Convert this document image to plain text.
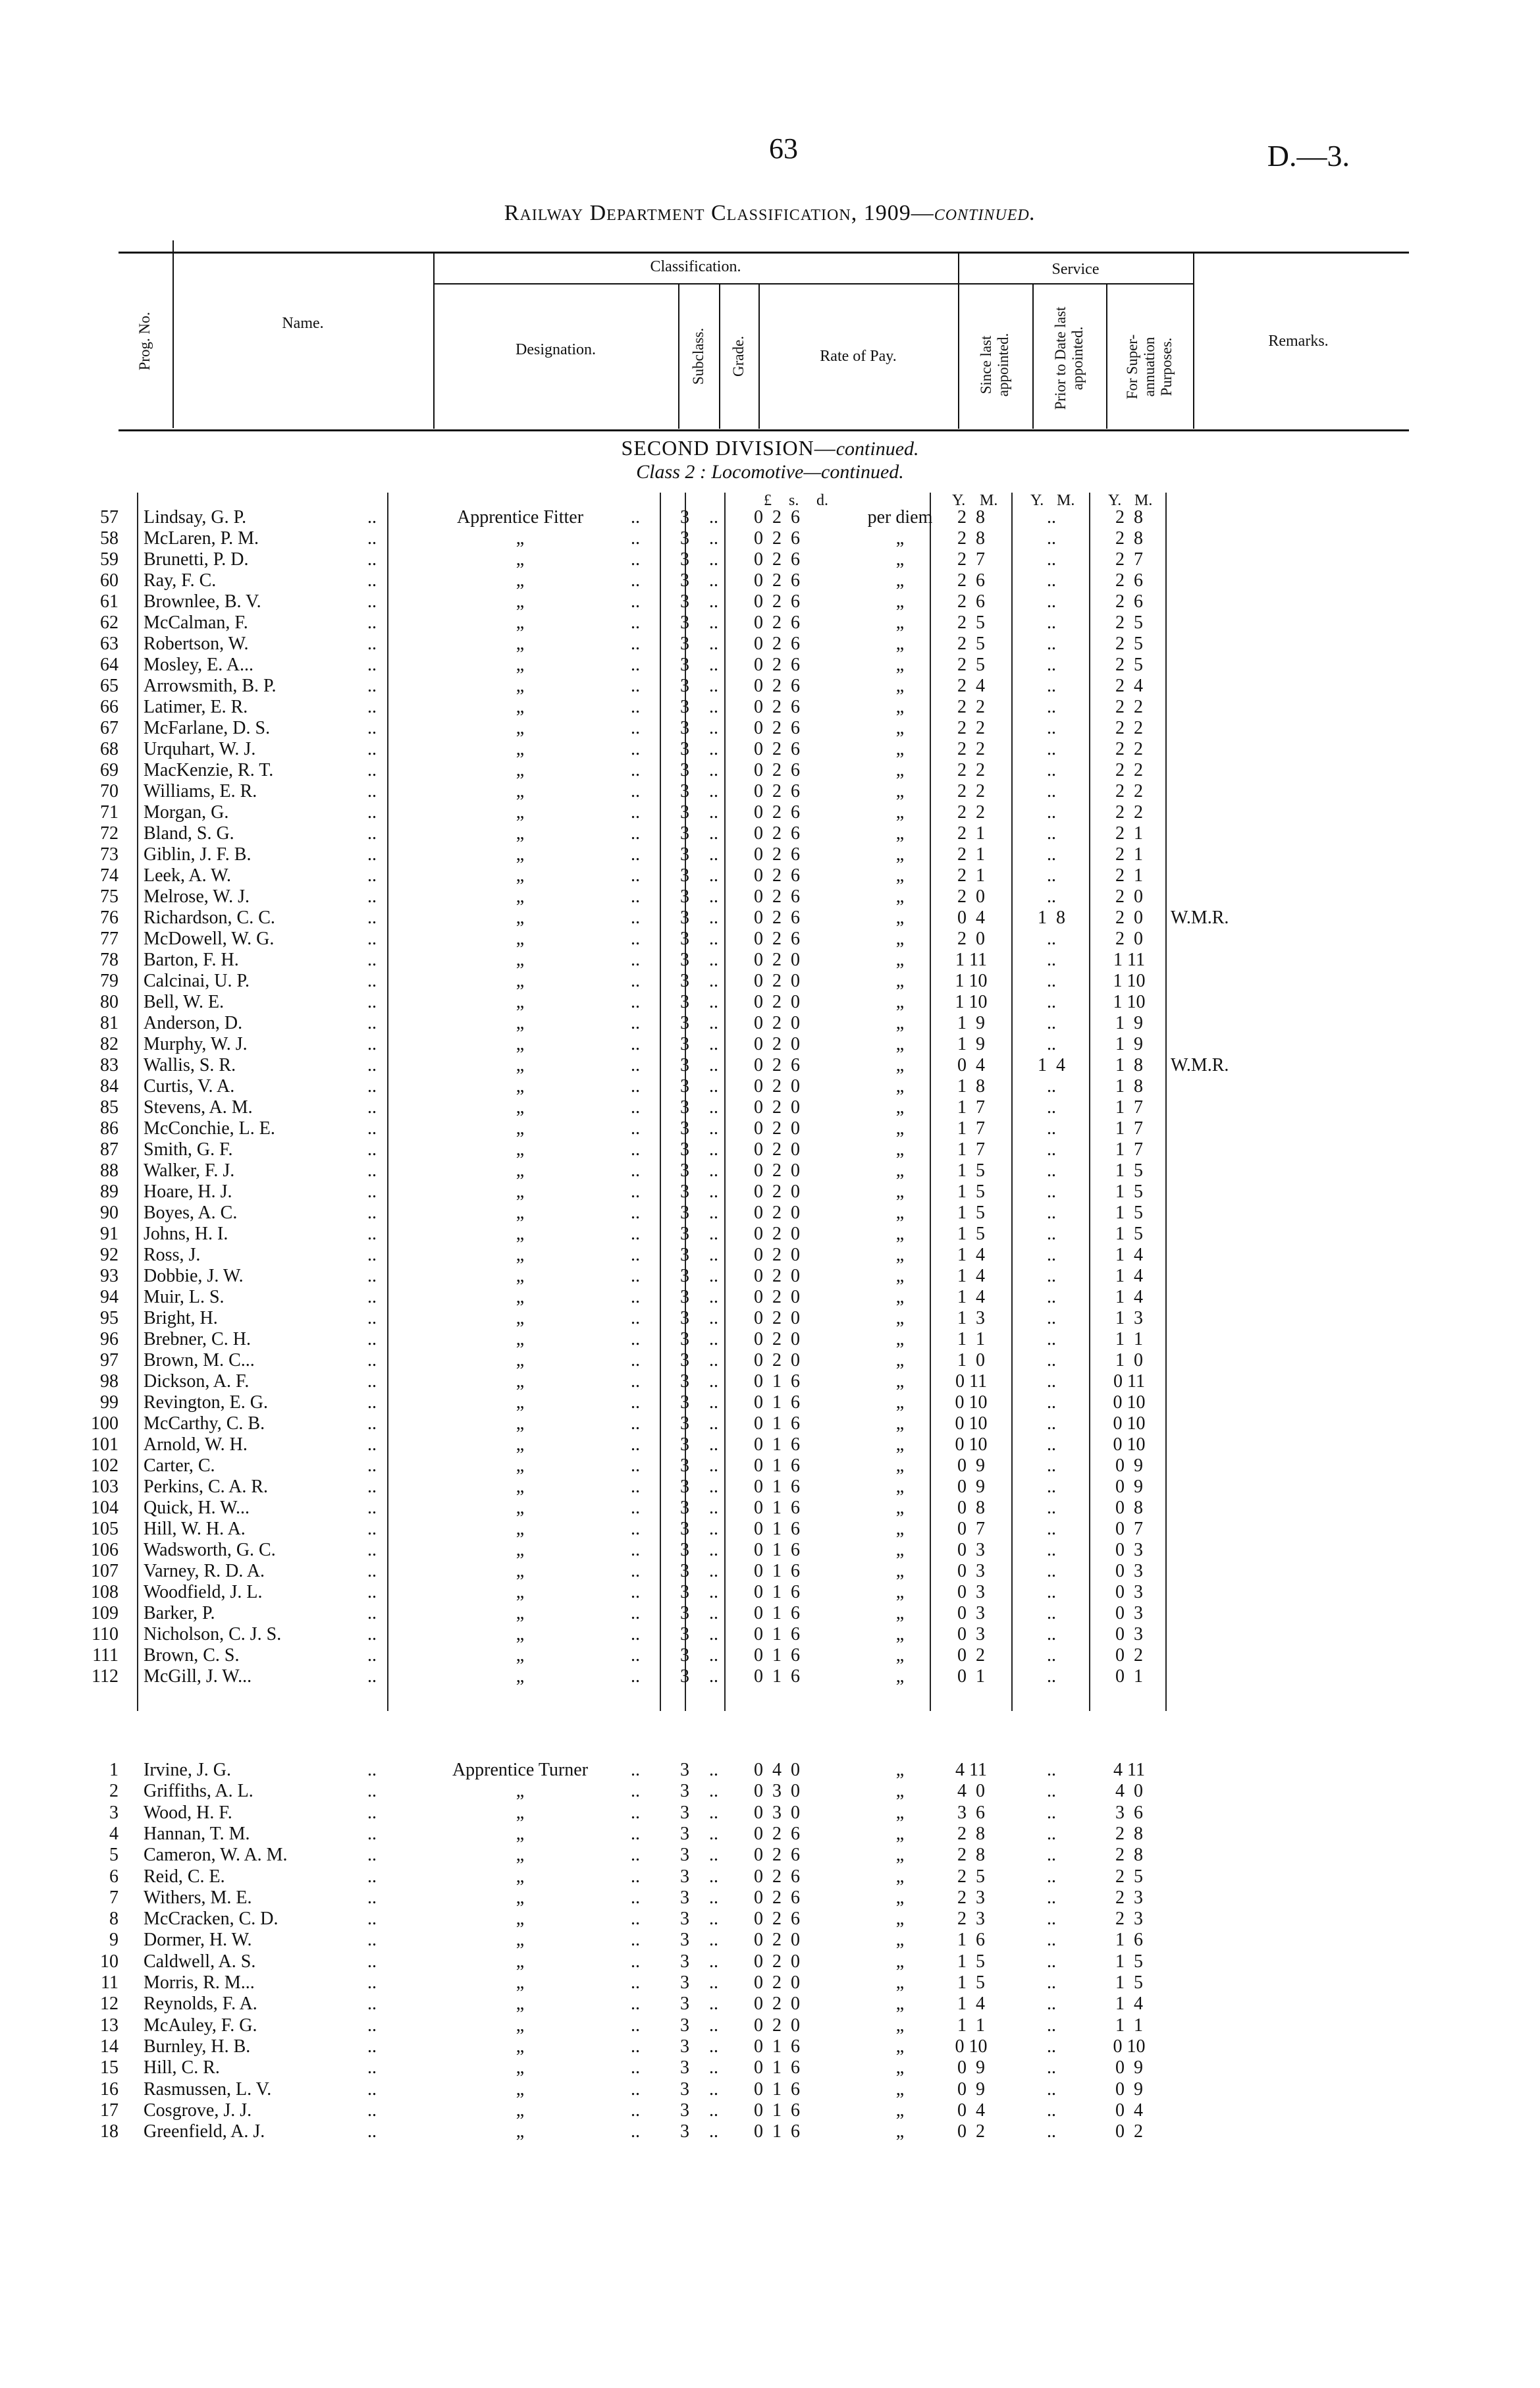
63	D.—3.
Railway Department Classification, 1909—continued.
Prog. No.	Name.
Classification.
Designation.	Subclass. Grade.	Rate of Pay.
Service
Since last appointed.	Prior to Date last appointed.	For Super-annuation Purposes.	Remarks.
SECOND DIVISION—continued.
Class 2 : Locomotive—continued.
£ s. d.	Y. M. Y. M. Y. M.
57 Lindsay, G. P.	..	Apprentice Fitter	..	3	.. 0  2  6	per diem	2  8	..	2  8
58 McLaren, P. M.	..	„	..	3	.. 0  2  6	„	2  8	..	2  8
59 Brunetti, P. D.	..	„	..	3	.. 0  2  6	„	2  7	..	2  7
60 Ray, F. C.	..	„	..	3	.. 0  2  6	„	2  6	..	2  6
61 Brownlee, B. V.	..	„	..	3	.. 0  2  6	„	2  6	..	2  6
62 McCalman, F.	..	„	..	3	.. 0  2  6	„	2  5	..	2  5
63 Robertson, W.	..	„	..	3	.. 0  2  6	„	2  5	..	2  5
64 Mosley, E. A...	..	„	..	3	.. 0  2  6	„	2  5	..	2  5
65 Arrowsmith, B. P.	..	„	..	3	.. 0  2  6	„	2  4	..	2  4
66 Latimer, E. R.	..	„	..	3	.. 0  2  6	„	2  2	..	2  2
67 McFarlane, D. S.	..	„	..	3	.. 0  2  6	„	2  2	..	2  2
68 Urquhart, W. J.	..	„	..	3	.. 0  2  6	„	2  2	..	2  2
69 MacKenzie, R. T.	..	„	..	3	.. 0  2  6	„	2  2	..	2  2
70 Williams, E. R.	..	„	..	3	.. 0  2  6	„	2  2	..	2  2
71 Morgan, G.	..	„	..	3	.. 0  2  6	„	2  2	..	2  2
72 Bland, S. G.	..	„	..	3	.. 0  2  6	„	2  1	..	2  1
73 Giblin, J. F. B.	..	„	..	3	.. 0  2  6	„	2  1	..	2  1
74 Leek, A. W.	..	„	..	3	.. 0  2  6	„	2  1	..	2  1
75 Melrose, W. J.	..	„	..	3	.. 0  2  6	„	2  0	..	2  0
76 Richardson, C. C.	..	„	..	3	.. 0  2  6	„	0  4	1  8	2  0	W.M.R.
77 McDowell, W. G.	..	„	..	3	.. 0  2  6	„	2  0	..	2  0
78 Barton, F. H.	..	„	..	3	.. 0  2  0	„	1 11	..	1 11
79 Calcinai, U. P.	..	„	..	3	.. 0  2  0	„	1 10	..	1 10
80 Bell, W. E.	..	„	..	3	.. 0  2  0	„	1 10	..	1 10
81 Anderson, D.	..	„	..	3	.. 0  2  0	„	1  9	..	1  9
82 Murphy, W. J.	..	„	..	3	.. 0  2  0	„	1  9	..	1  9
83 Wallis, S. R.	..	„	..	3	.. 0  2  6	„	0  4	1  4	1  8	W.M.R.
84 Curtis, V. A.	..	„	..	3	.. 0  2  0	„	1  8	..	1  8
85 Stevens, A. M.	..	„	..	3	.. 0  2  0	„	1  7	..	1  7
86 McConchie, L. E.	..	„	..	3	.. 0  2  0	„	1  7	..	1  7
87 Smith, G. F.	..	„	..	3	.. 0  2  0	„	1  7	..	1  7
88 Walker, F. J.	..	„	..	3	.. 0  2  0	„	1  5	..	1  5
89 Hoare, H. J.	..	„	..	3	.. 0  2  0	„	1  5	..	1  5
90 Boyes, A. C.	..	„	..	3	.. 0  2  0	„	1  5	..	1  5
91 Johns, H. I.	..	„	..	3	.. 0  2  0	„	1  5	..	1  5
92 Ross, J.	..	„	..	3	.. 0  2  0	„	1  4	..	1  4
93 Dobbie, J. W.	..	„	..	3	.. 0  2  0	„	1  4	..	1  4
94 Muir, L. S.	..	„	..	3	.. 0  2  0	„	1  4	..	1  4
95 Bright, H.	..	„	..	3	.. 0  2  0	„	1  3	..	1  3
96 Brebner, C. H.	..	„	..	3	.. 0  2  0	„	1  1	..	1  1
97 Brown, M. C...	..	„	..	3	.. 0  2  0	„	1  0	..	1  0
98 Dickson, A. F.	..	„	..	3	.. 0  1  6	„	0 11	..	0 11
99 Revington, E. G.	..	„	..	3	.. 0  1  6	„	0 10	..	0 10
100 McCarthy, C. B.	..	„	..	3	.. 0  1  6	„	0 10	..	0 10
101 Arnold, W. H.	..	„	..	3	.. 0  1  6	„	0 10	..	0 10
102 Carter, C.	..	„	..	3	.. 0  1  6	„	0  9	..	0  9
103 Perkins, C. A. R.	..	„	..	3	.. 0  1  6	„	0  9	..	0  9
104 Quick, H. W...	..	„	..	3	.. 0  1  6	„	0  8	..	0  8
105 Hill, W. H. A.	..	„	..	3	.. 0  1  6	„	0  7	..	0  7
106 Wadsworth, G. C.	..	„	..	3	.. 0  1  6	„	0  3	..	0  3
107 Varney, R. D. A.	..	„	..	3	.. 0  1  6	„	0  3	..	0  3
108 Woodfield, J. L.	..	„	..	3	.. 0  1  6	„	0  3	..	0  3
109 Barker, P.	..	„	..	3	.. 0  1  6	„	0  3	..	0  3
110 Nicholson, C. J. S.	..	„	..	3	.. 0  1  6	„	0  3	..	0  3
111 Brown, C. S.	..	„	..	3	.. 0  1  6	„	0  2	..	0  2
112 McGill, J. W...	..	„	..	3	.. 0  1  6	„	0  1	..	0  1
1 Irvine, J. G.	..	Apprentice Turner	..	3	.. 0  4  0	„	4 11	..	4 11
2 Griffiths, A. L.	..	„	..	3	.. 0  3  0	„	4  0	..	4  0
3 Wood, H. F.	..	„	..	3	.. 0  3  0	„	3  6	..	3  6
4 Hannan, T. M.	..	„	..	3	.. 0  2  6	„	2  8	..	2  8
5 Cameron, W. A. M.	..	„	..	3	.. 0  2  6	„	2  8	..	2  8
6 Reid, C. E.	..	„	..	3	.. 0  2  6	„	2  5	..	2  5
7 Withers, M. E.	..	„	..	3	.. 0  2  6	„	2  3	..	2  3
8 McCracken, C. D.	..	„	..	3	.. 0  2  6	„	2  3	..	2  3
9 Dormer, H. W.	..	„	..	3	.. 0  2  0	„	1  6	..	1  6
10 Caldwell, A. S.	..	„	..	3	.. 0  2  0	„	1  5	..	1  5
11 Morris, R. M...	..	„	..	3	.. 0  2  0	„	1  5	..	1  5
12 Reynolds, F. A.	..	„	..	3	.. 0  2  0	„	1  4	..	1  4
13 McAuley, F. G.	..	„	..	3	.. 0  2  0	„	1  1	..	1  1
14 Burnley, H. B.	..	„	..	3	.. 0  1  6	„	0 10	..	0 10
15 Hill, C. R.	..	„	..	3	.. 0  1  6	„	0  9	..	0  9
16 Rasmussen, L. V.	..	„	..	3	.. 0  1  6	„	0  9	..	0  9
17 Cosgrove, J. J.	..	„	..	3	.. 0  1  6	„	0  4	..	0  4
18 Greenfield, A. J.	..	„	..	3	.. 0  1  6	„	0  2	..	0  2
